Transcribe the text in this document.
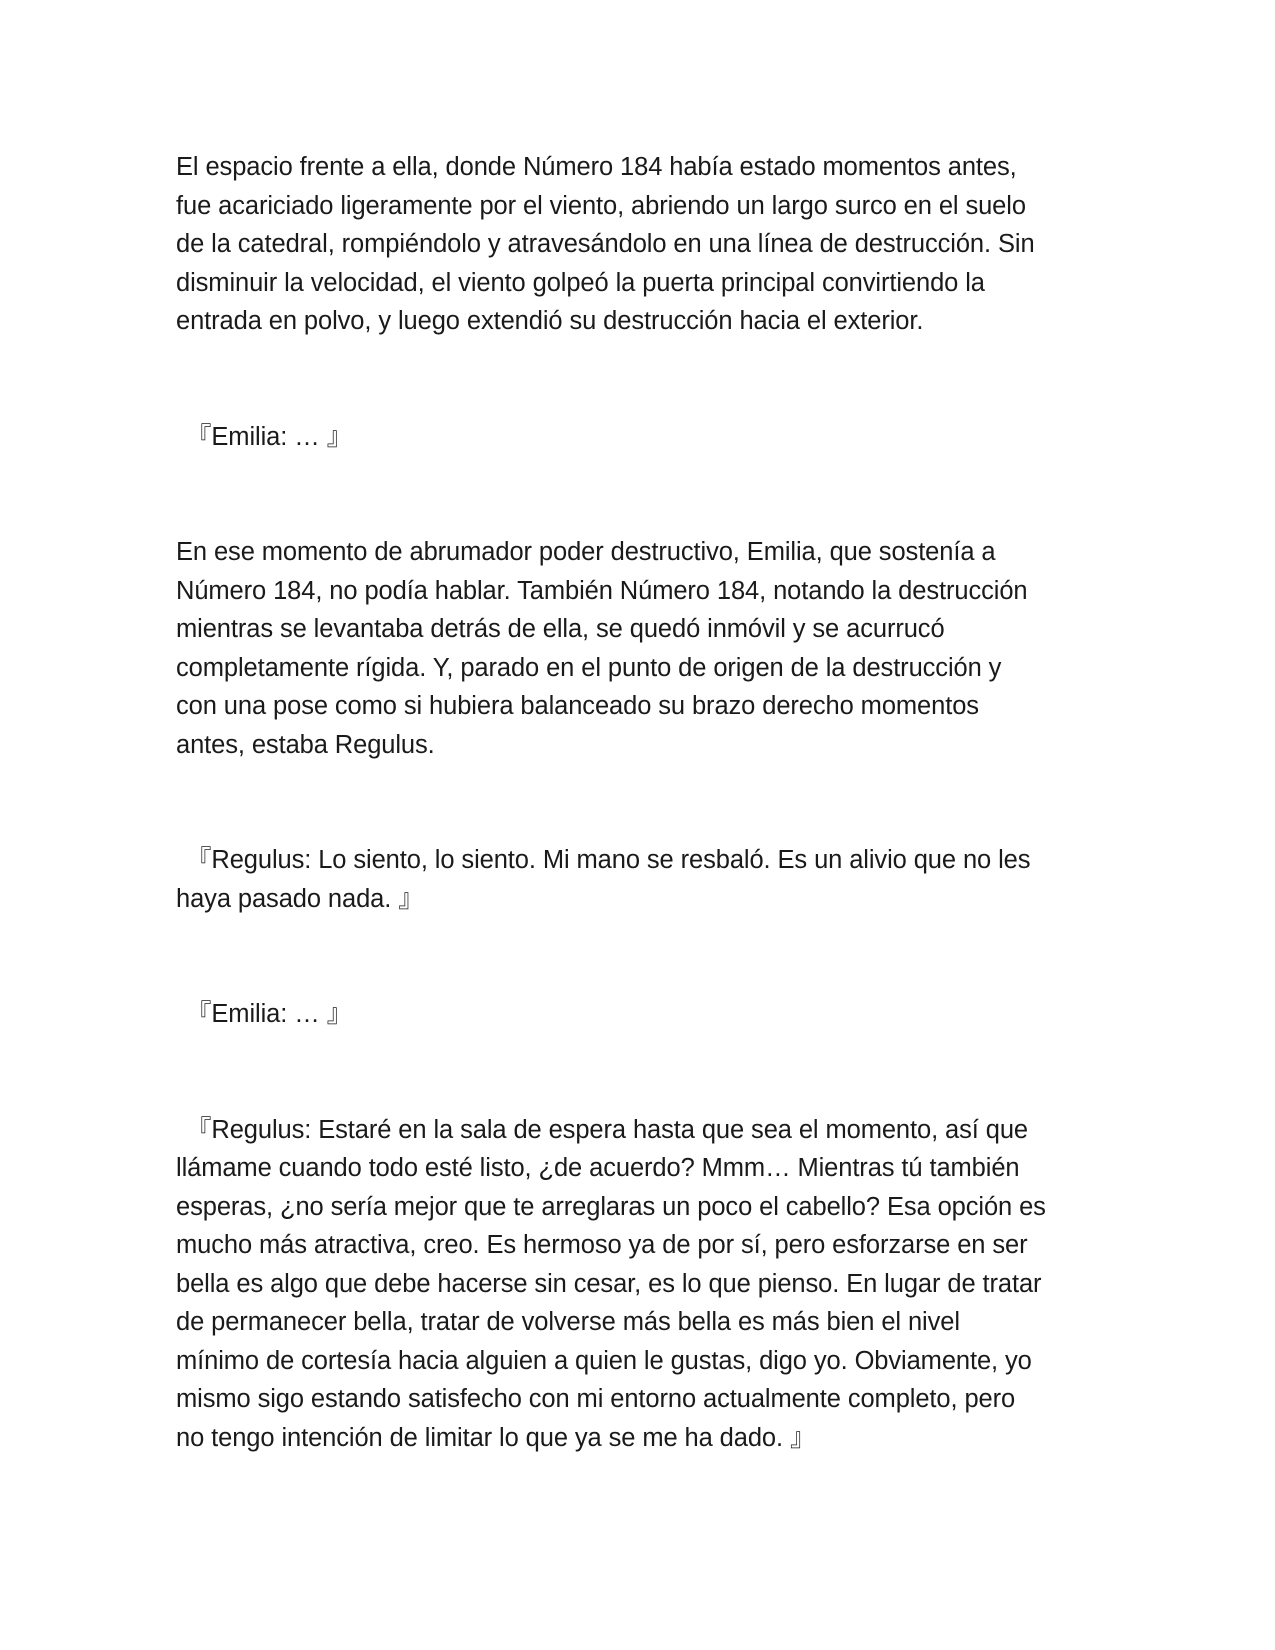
El espacio frente a ella, donde Número 184 había estado momentos antes,
fue acariciado ligeramente por el viento, abriendo un largo surco en el suelo
de la catedral, rompiéndolo y atravesándolo en una línea de destrucción. Sin
disminuir la velocidad, el viento golpeó la puerta principal convirtiendo la
entrada en polvo, y luego extendió su destrucción hacia el exterior.

『Emilia: … 』

En ese momento de abrumador poder destructivo, Emilia, que sostenía a
Número 184, no podía hablar. También Número 184, notando la destrucción
mientras se levantaba detrás de ella, se quedó inmóvil y se acurrucó
completamente rígida. Y, parado en el punto de origen de la destrucción y
con una pose como si hubiera balanceado su brazo derecho momentos
antes, estaba Regulus.

『Regulus: Lo siento, lo siento. Mi mano se resbaló. Es un alivio que no les
haya pasado nada. 』

『Emilia: … 』

『Regulus: Estaré en la sala de espera hasta que sea el momento, así que
llámame cuando todo esté listo, ¿de acuerdo? Mmm… Mientras tú también
esperas, ¿no sería mejor que te arreglaras un poco el cabello? Esa opción es
mucho más atractiva, creo. Es hermoso ya de por sí, pero esforzarse en ser
bella es algo que debe hacerse sin cesar, es lo que pienso. En lugar de tratar
de permanecer bella, tratar de volverse más bella es más bien el nivel
mínimo de cortesía hacia alguien a quien le gustas, digo yo. Obviamente, yo
mismo sigo estando satisfecho con mi entorno actualmente completo, pero
no tengo intención de limitar lo que ya se me ha dado. 』
